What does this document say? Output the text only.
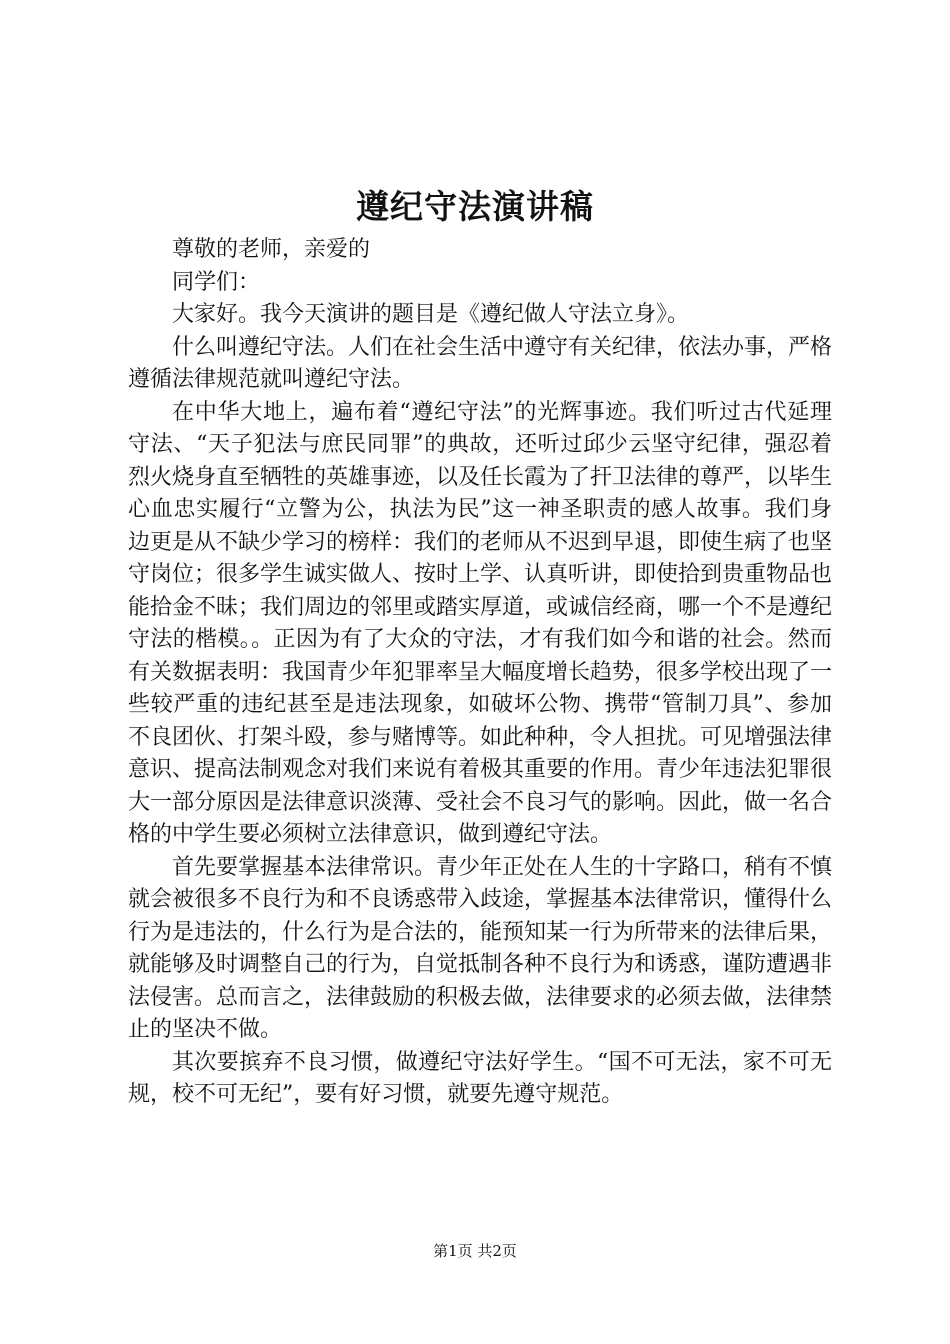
遵纪守法演讲稿

尊敬的老师，亲爱的

同学们：

大家好。我今天演讲的题目是《遵纪做人守法立身》。

什么叫遵纪守法。人们在社会生活中遵守有关纪律，依法办事，严格遵循法律规范就叫遵纪守法。

在中华大地上，遍布着“遵纪守法”的光辉事迹。我们听过古代延理守法、“天子犯法与庶民同罪”的典故，还听过邱少云坚守纪律，强忍着烈火烧身直至牺牲的英雄事迹，以及任长霞为了扞卫法律的尊严，以毕生心血忠实履行“立警为公，执法为民”这一神圣职责的感人故事。我们身边更是从不缺少学习的榜样：我们的老师从不迟到早退，即使生病了也坚守岗位；很多学生诚实做人、按时上学、认真听讲，即使拾到贵重物品也能拾金不昧；我们周边的邻里或踏实厚道，或诚信经商，哪一个不是遵纪守法的楷模。。正因为有了大众的守法，才有我们如今和谐的社会。然而有关数据表明：我国青少年犯罪率呈大幅度增长趋势，很多学校出现了一些较严重的违纪甚至是违法现象，如破坏公物、携带“管制刀具”、参加不良团伙、打架斗殴，参与赌博等。如此种种，令人担扰。可见增强法律意识、提高法制观念对我们来说有着极其重要的作用。青少年违法犯罪很大一部分原因是法律意识淡薄、受社会不良习气的影响。因此，做一名合格的中学生要必须树立法律意识，做到遵纪守法。

首先要掌握基本法律常识。青少年正处在人生的十字路口，稍有不慎就会被很多不良行为和不良诱惑带入歧途，掌握基本法律常识，懂得什么行为是违法的，什么行为是合法的，能预知某一行为所带来的法律后果，就能够及时调整自己的行为，自觉抵制各种不良行为和诱惑，谨防遭遇非法侵害。总而言之，法律鼓励的积极去做，法律要求的必须去做，法律禁止的坚决不做。

其次要摈弃不良习惯，做遵纪守法好学生。“国不可无法，家不可无规，校不可无纪”，要有好习惯，就要先遵守规范。

第1页 共2页
